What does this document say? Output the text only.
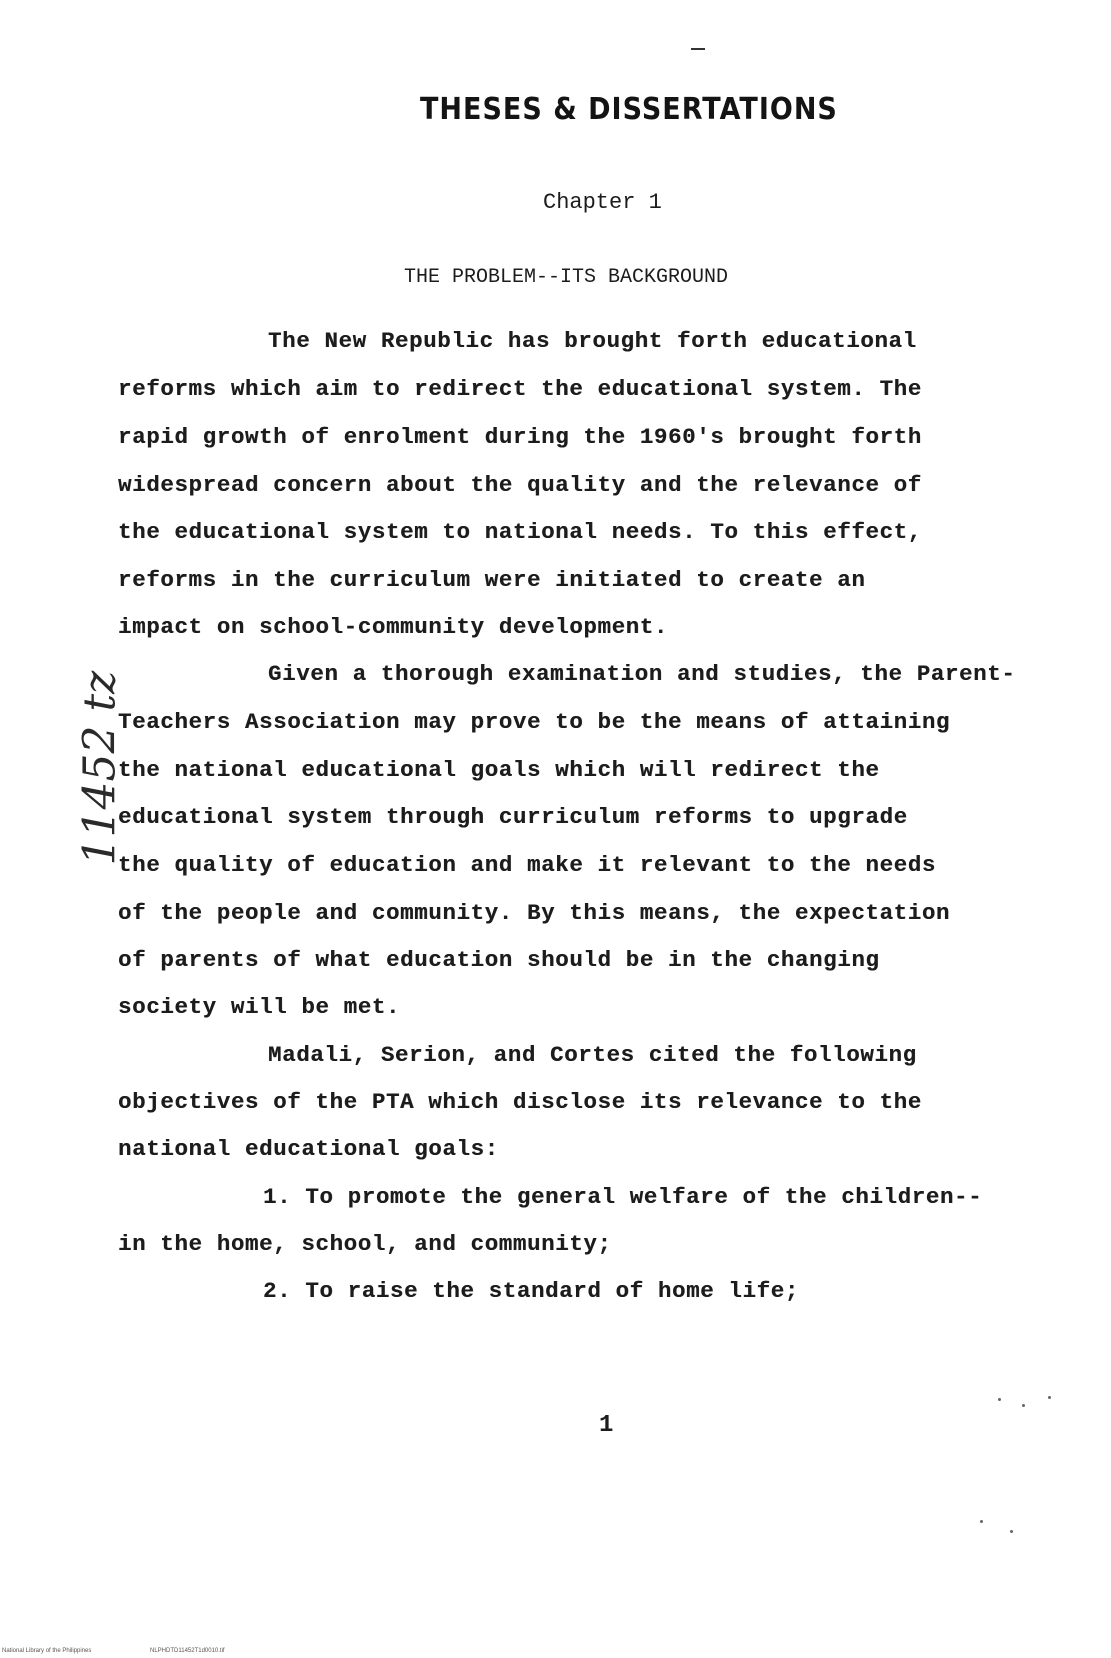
THESES & DISSERTATIONS
Chapter 1
THE PROBLEM--ITS BACKGROUND
11452 tz
The New Republic has brought forth educational
reforms which aim to redirect the educational system. The
rapid growth of enrolment during the 1960's brought forth
widespread concern about the quality and the relevance of
the educational system to national needs. To this effect,
reforms in the curriculum were initiated to create an
impact on school-community development.
Given a thorough examination and studies, the Parent-
Teachers Association may prove to be the means of attaining
the national educational goals which will redirect the
educational system through curriculum reforms to upgrade
the quality of education and make it relevant to the needs
of the people and community. By this means, the expectation
of parents of what education should be in the changing
society will be met.
Madali, Serion, and Cortes cited the following
objectives of the PTA which disclose its relevance to the
national educational goals:
1. To promote the general welfare of the children--
in the home, school, and community;
2. To raise the standard of home life;
1
National Library of the Philippines	NLPHDTD11452T1d0010.tif
